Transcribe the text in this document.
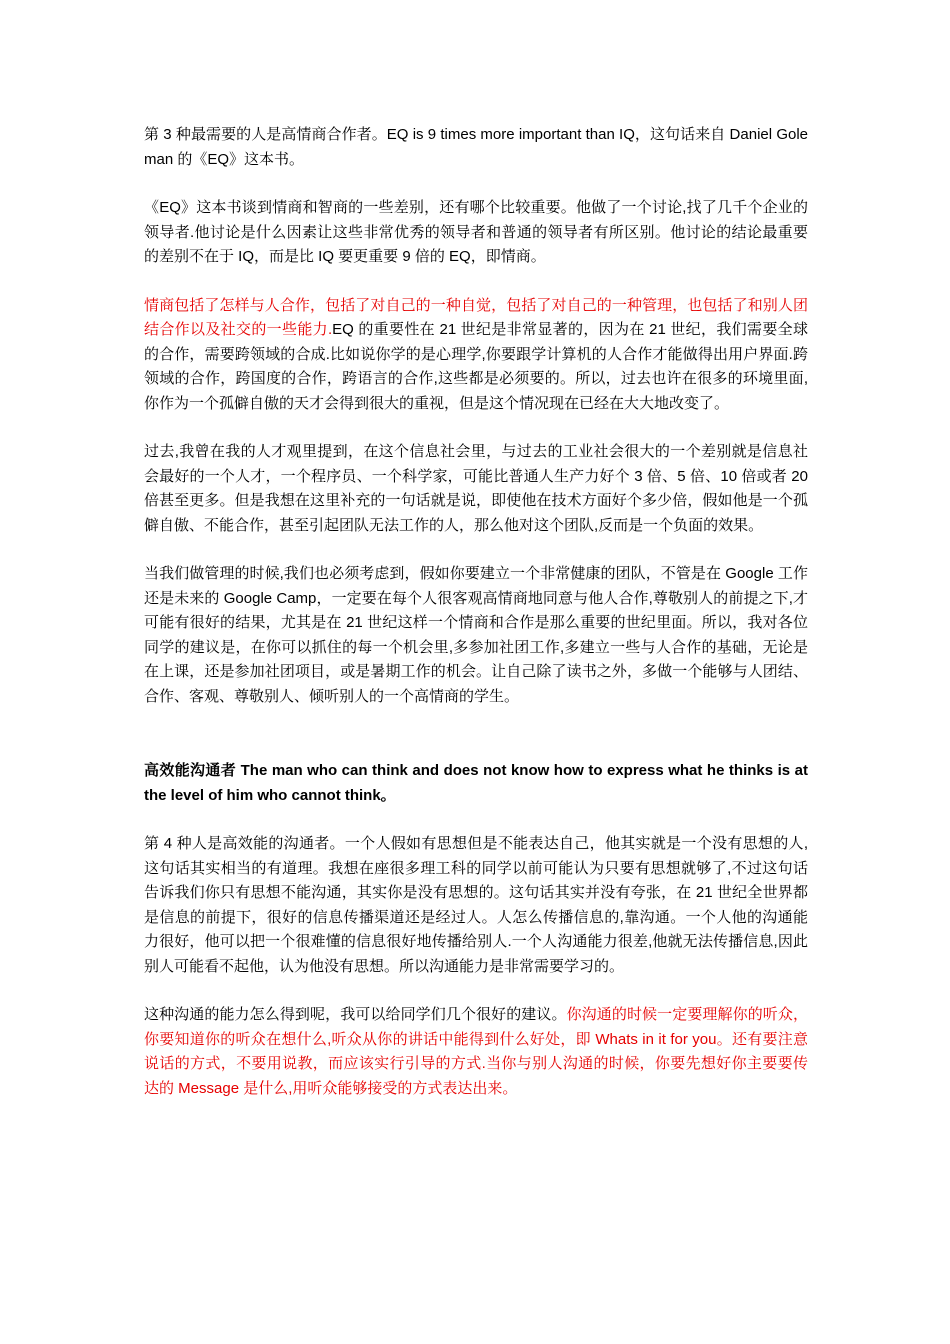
第 3 种最需要的人是高情商合作者。EQ is 9 times more important than IQ，这句话来自 Daniel Goleman 的《EQ》这本书。

《EQ》这本书谈到情商和智商的一些差别，还有哪个比较重要。他做了一个讨论,找了几千个企业的领导者.他讨论是什么因素让这些非常优秀的领导者和普通的领导者有所区别。他讨论的结论最重要的差别不在于 IQ，而是比 IQ 要更重要 9 倍的 EQ，即情商。

情商包括了怎样与人合作，包括了对自己的一种自觉，包括了对自己的一种管理，也包括了和别人团结合作以及社交的一些能力.EQ 的重要性在 21 世纪是非常显著的，因为在 21 世纪，我们需要全球的合作，需要跨领域的合成.比如说你学的是心理学,你要跟学计算机的人合作才能做得出用户界面.跨领域的合作，跨国度的合作，跨语言的合作,这些都是必须要的。所以，过去也许在很多的环境里面,你作为一个孤僻自傲的天才会得到很大的重视，但是这个情况现在已经在大大地改变了。

过去,我曾在我的人才观里提到，在这个信息社会里，与过去的工业社会很大的一个差别就是信息社会最好的一个人才，一个程序员、一个科学家，可能比普通人生产力好个 3 倍、5 倍、10 倍或者 20 倍甚至更多。但是我想在这里补充的一句话就是说，即使他在技术方面好个多少倍，假如他是一个孤僻自傲、不能合作，甚至引起团队无法工作的人，那么他对这个团队,反而是一个负面的效果。

当我们做管理的时候,我们也必须考虑到，假如你要建立一个非常健康的团队，不管是在 Google 工作还是未来的 Google Camp，一定要在每个人很客观高情商地同意与他人合作,尊敬别人的前提之下,才可能有很好的结果，尤其是在 21 世纪这样一个情商和合作是那么重要的世纪里面。所以，我对各位同学的建议是，在你可以抓住的每一个机会里,多参加社团工作,多建立一些与人合作的基础，无论是在上课，还是参加社团项目，或是暑期工作的机会。让自己除了读书之外，多做一个能够与人团结、合作、客观、尊敬别人、倾听别人的一个高情商的学生。

高效能沟通者 The man who can think and does not know how to express what he thinks is at the level of him who cannot think。

第 4 种人是高效能的沟通者。一个人假如有思想但是不能表达自己，他其实就是一个没有思想的人,这句话其实相当的有道理。我想在座很多理工科的同学以前可能认为只要有思想就够了,不过这句话告诉我们你只有思想不能沟通，其实你是没有思想的。这句话其实并没有夸张，在 21 世纪全世界都是信息的前提下，很好的信息传播渠道还是经过人。人怎么传播信息的,靠沟通。一个人他的沟通能力很好，他可以把一个很难懂的信息很好地传播给别人.一个人沟通能力很差,他就无法传播信息,因此别人可能看不起他，认为他没有思想。所以沟通能力是非常需要学习的。

这种沟通的能力怎么得到呢，我可以给同学们几个很好的建议。你沟通的时候一定要理解你的听众，你要知道你的听众在想什么,听众从你的讲话中能得到什么好处，即 Whats in it for you。还有要注意说话的方式，不要用说教，而应该实行引导的方式.当你与别人沟通的时候，你要先想好你主要要传达的 Message 是什么,用听众能够接受的方式表达出来。
